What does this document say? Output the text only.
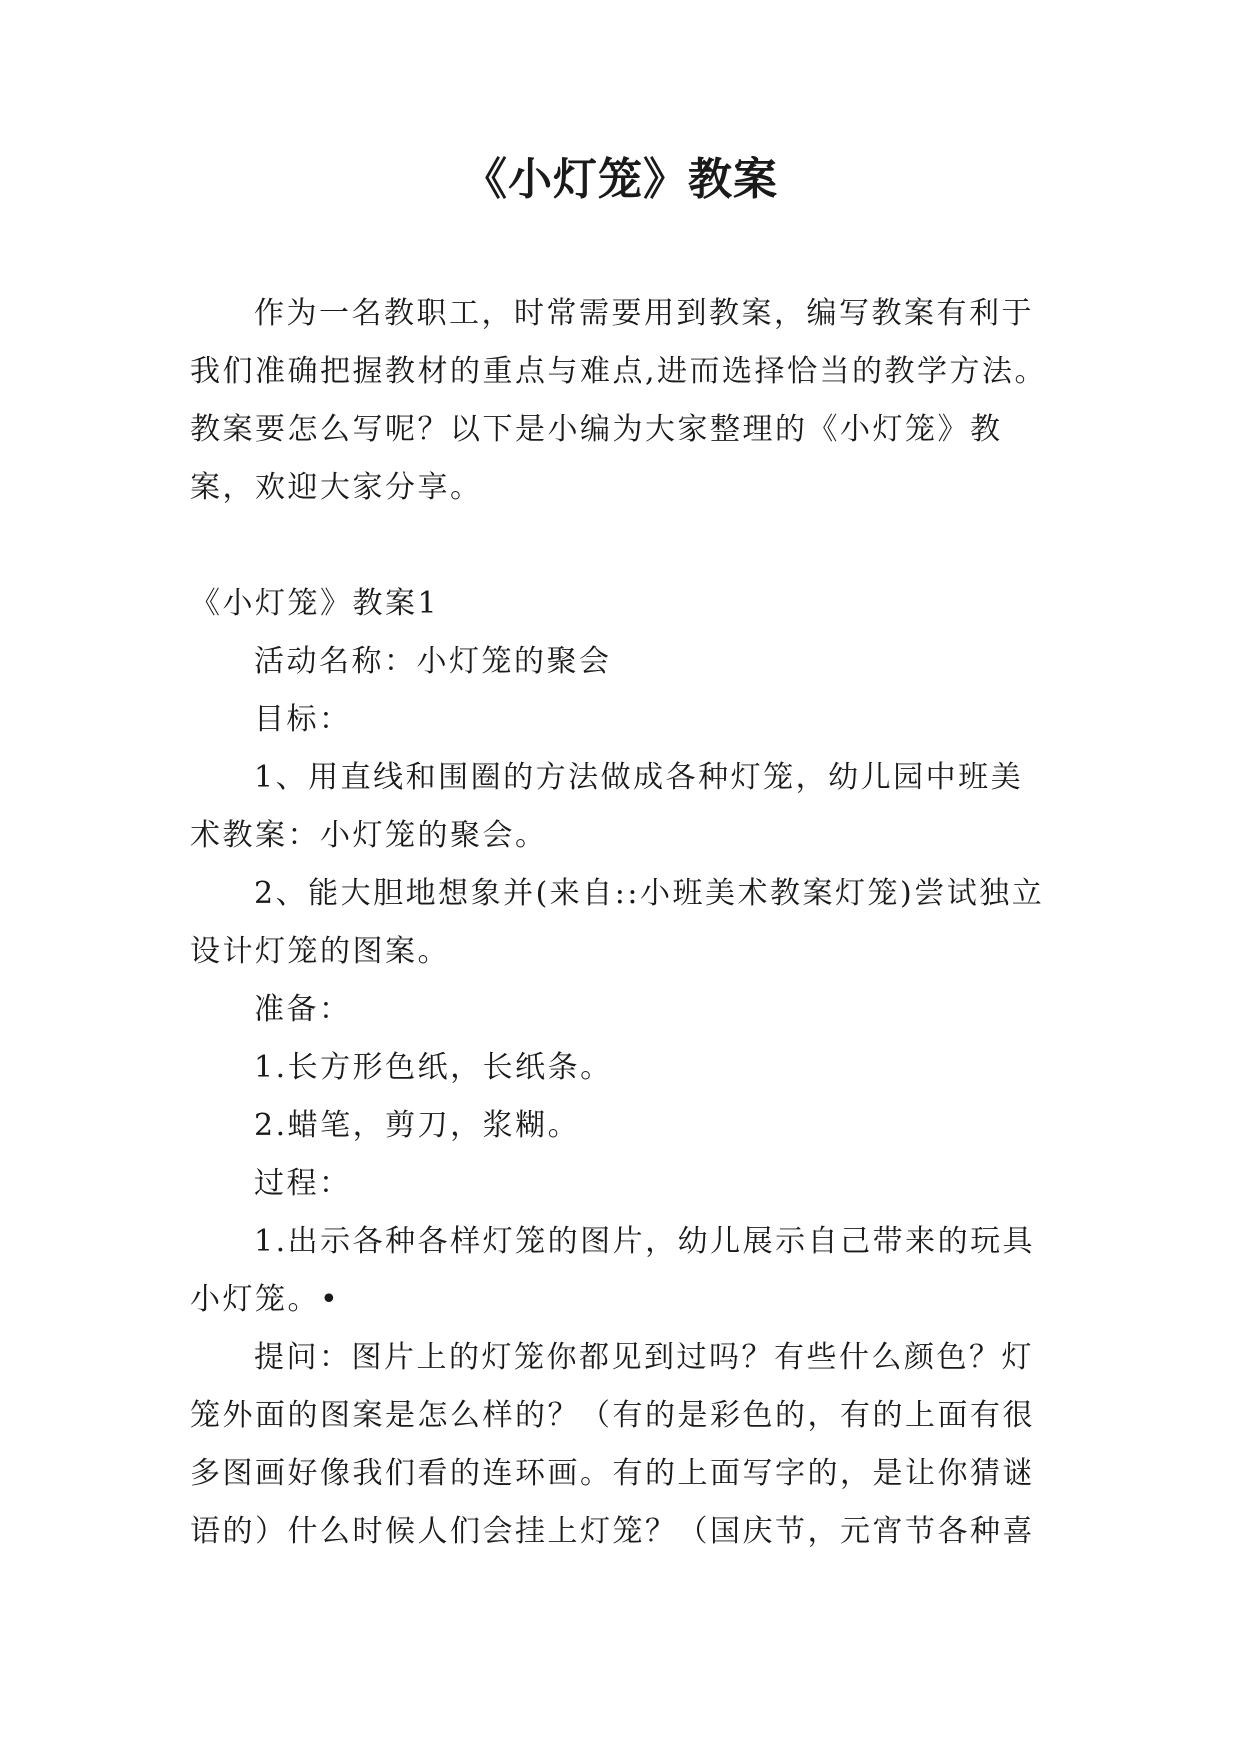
《小灯笼》教案

作为一名教职工，时常需要用到教案，编写教案有利于我们准确把握教材的重点与难点,进而选择恰当的教学方法。教案要怎么写呢？以下是小编为大家整理的《小灯笼》教案，欢迎大家分享。

《小灯笼》教案1

活动名称：小灯笼的聚会

目标：

1、用直线和围圈的方法做成各种灯笼，幼儿园中班美术教案：小灯笼的聚会。

2、能大胆地想象并(来自::小班美术教案灯笼)尝试独立设计灯笼的图案。

准备：

1.长方形色纸，长纸条。

2.蜡笔，剪刀，浆糊。

过程：

1.出示各种各样灯笼的图片，幼儿展示自己带来的玩具小灯笼。•

提问：图片上的灯笼你都见到过吗？有些什么颜色？灯笼外面的图案是怎么样的？（有的是彩色的，有的上面有很多图画好像我们看的连环画。有的上面写字的，是让你猜谜语的）什么时候人们会挂上灯笼？（国庆节，元宵节各种喜
